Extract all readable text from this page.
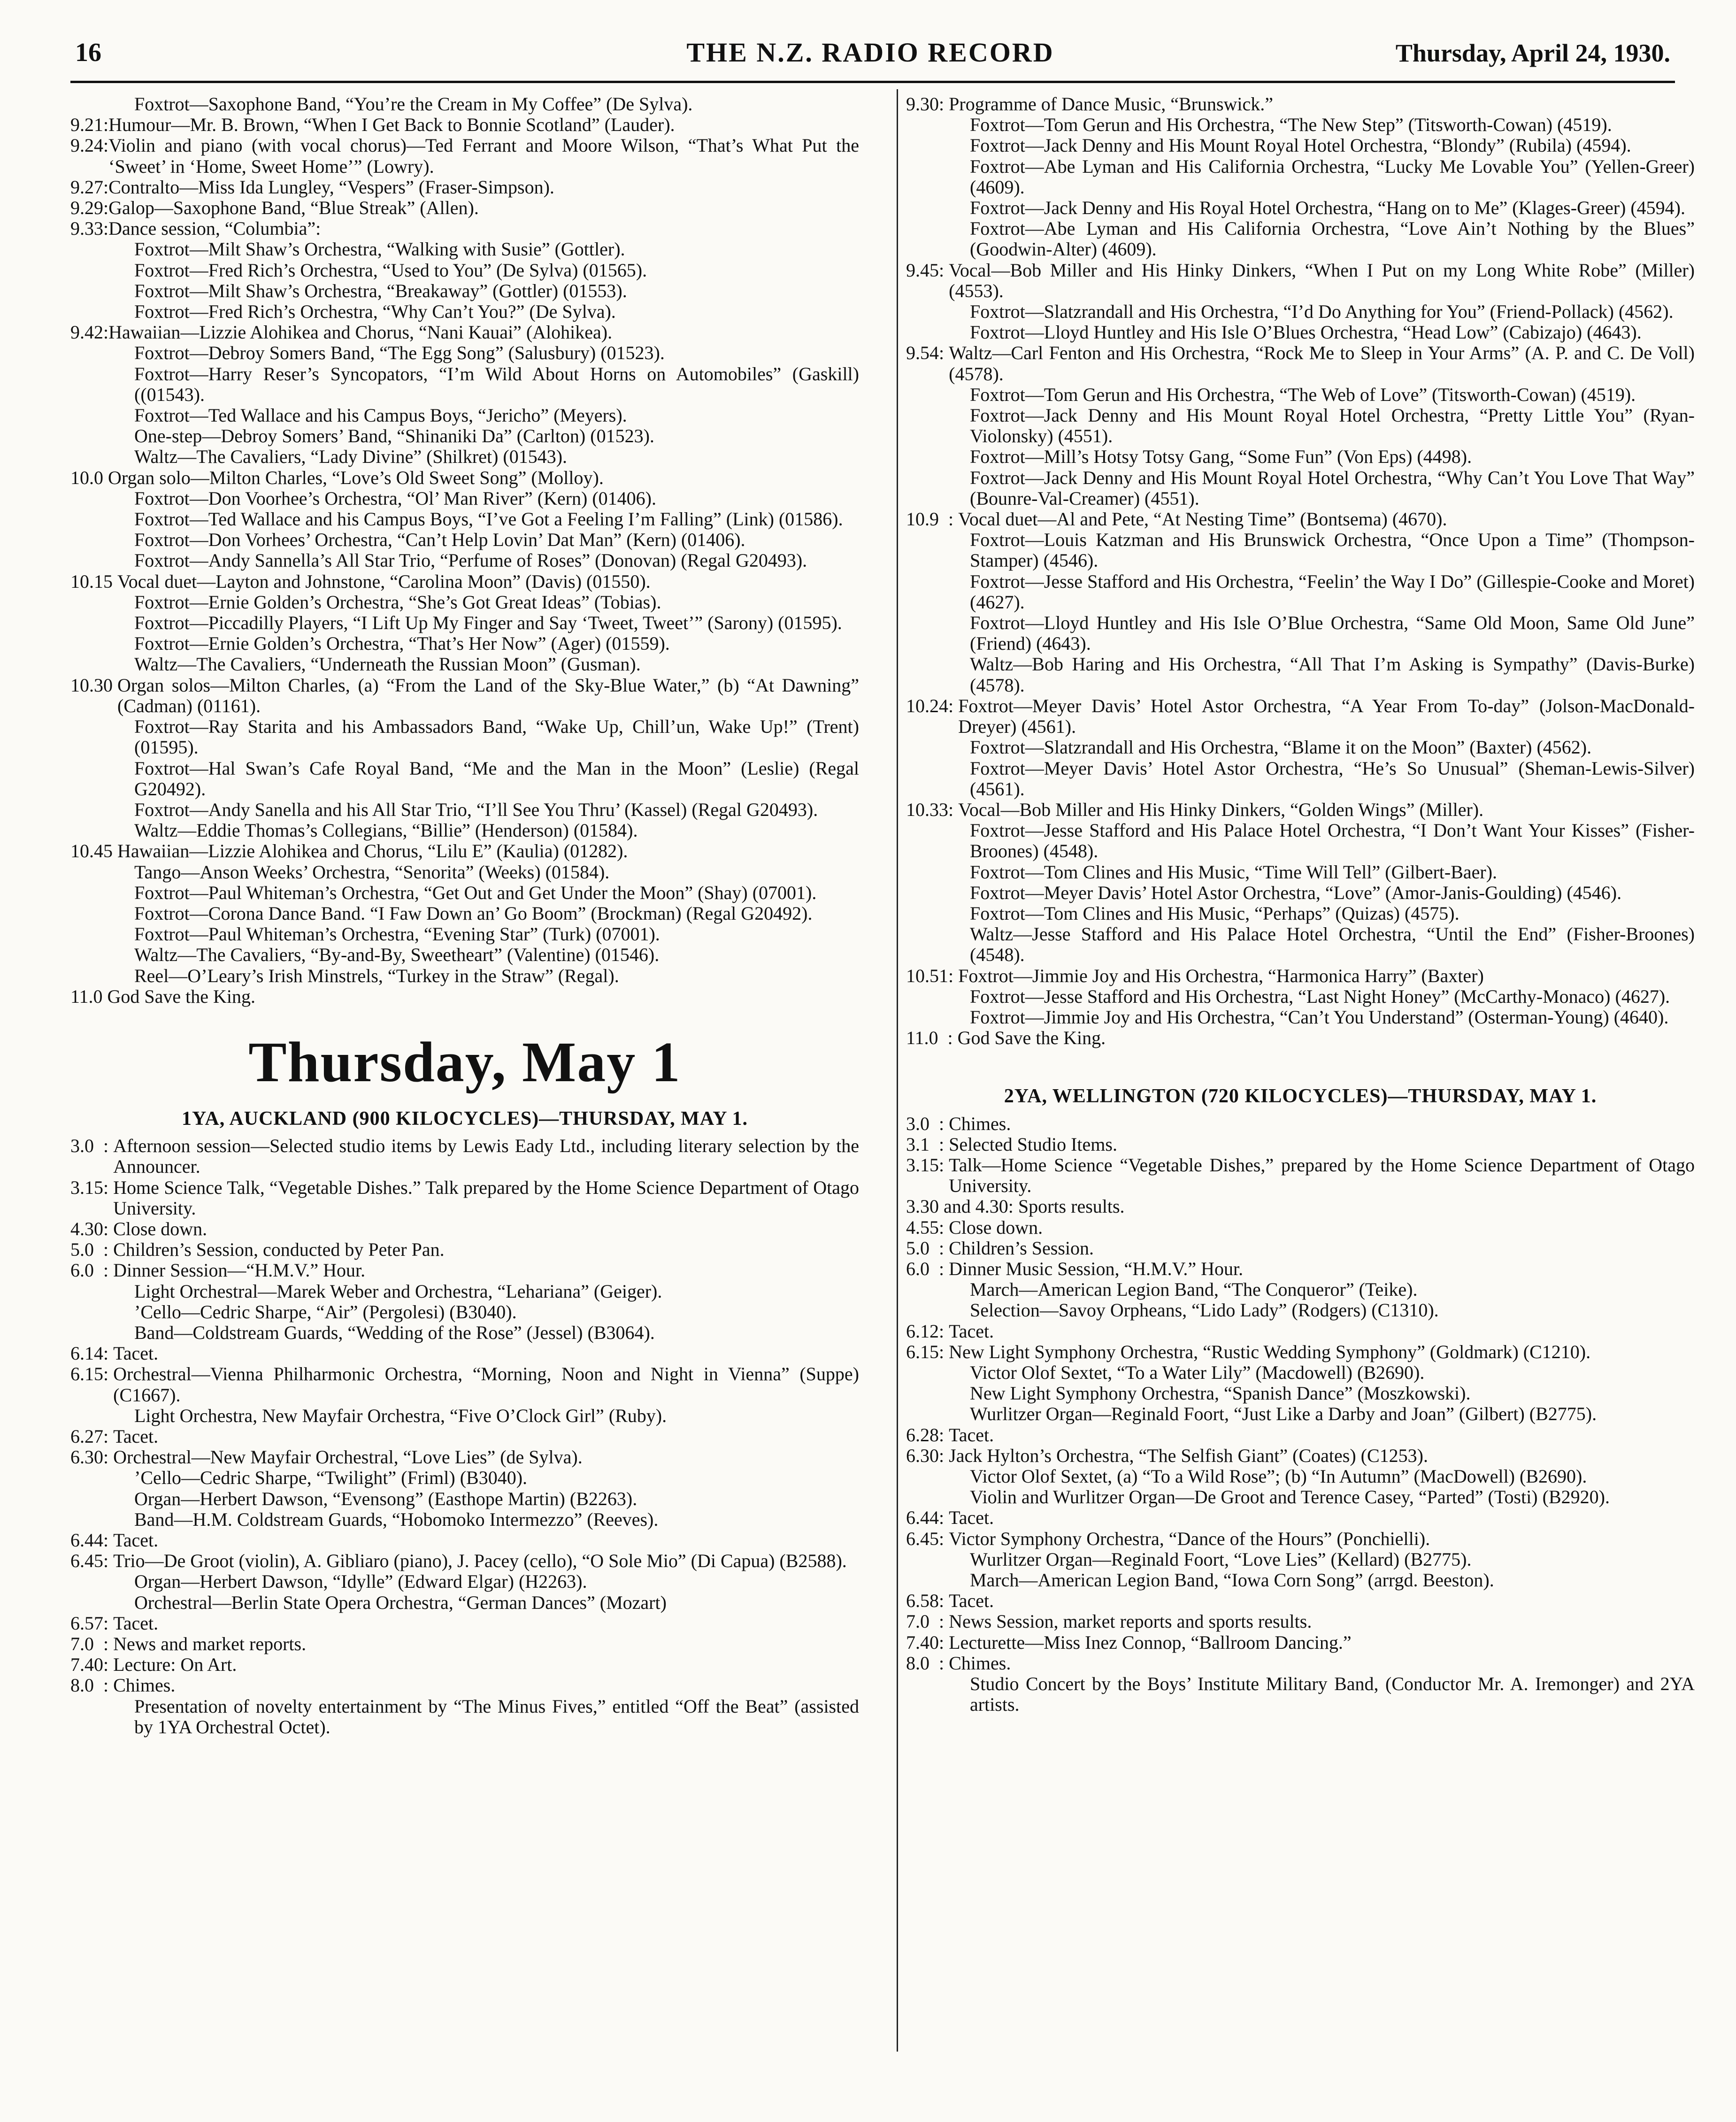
16	THE N.Z. RADIO RECORD	Thursday, April 24, 1930.
Foxtrot—Saxophone Band, “You’re the Cream in My Coffee” (De Sylva).
9.21: Humour—Mr. B. Brown, “When I Get Back to Bonnie Scotland” (Lauder).
9.24: Violin and piano (with vocal chorus)—Ted Ferrant and Moore Wilson, “That’s What Put the ‘Sweet’ in ‘Home, Sweet Home’” (Lowry).
9.27: Contralto—Miss Ida Lungley, “Vespers” (Fraser-Simpson).
9.29: Galop—Saxophone Band, “Blue Streak” (Allen).
9.33: Dance session, “Columbia”:
Foxtrot—Milt Shaw’s Orchestra, “Walking with Susie” (Gottler).
Foxtrot—Fred Rich’s Orchestra, “Used to You” (De Sylva) (01565).
Foxtrot—Milt Shaw’s Orchestra, “Breakaway” (Gottler) (01553).
Foxtrot—Fred Rich’s Orchestra, “Why Can’t You?” (De Sylva).
9.42: Hawaiian—Lizzie Alohikea and Chorus, “Nani Kauai” (Alohikea).
Foxtrot—Debroy Somers Band, “The Egg Song” (Salusbury) (01523).
Foxtrot—Harry Reser’s Syncopators, “I’m Wild About Horns on Automobiles” (Gaskill) ((01543).
Foxtrot—Ted Wallace and his Campus Boys, “Jericho” (Meyers).
One-step—Debroy Somers’ Band, “Shinaniki Da” (Carlton) (01523).
Waltz—The Cavaliers, “Lady Divine” (Shilkret) (01543).
10.0 Organ solo—Milton Charles, “Love’s Old Sweet Song” (Molloy).
Foxtrot—Don Voorhee’s Orchestra, “Ol’ Man River” (Kern) (01406).
Foxtrot—Ted Wallace and his Campus Boys, “I’ve Got a Feeling I’m Falling” (Link) (01586).
Foxtrot—Don Vorhees’ Orchestra, “Can’t Help Lovin’ Dat Man” (Kern) (01406).
Foxtrot—Andy Sannella’s All Star Trio, “Perfume of Roses” (Donovan) (Regal G20493).
10.15 Vocal duet—Layton and Johnstone, “Carolina Moon” (Davis) (01550).
Foxtrot—Ernie Golden’s Orchestra, “She’s Got Great Ideas” (Tobias).
Foxtrot—Piccadilly Players, “I Lift Up My Finger and Say ‘Tweet, Tweet’” (Sarony) (01595).
Foxtrot—Ernie Golden’s Orchestra, “That’s Her Now” (Ager) (01559).
Waltz—The Cavaliers, “Underneath the Russian Moon” (Gusman).
10.30 Organ solos—Milton Charles, (a) “From the Land of the Sky-Blue Water,” (b) “At Dawning” (Cadman) (01161).
Foxtrot—Ray Starita and his Ambassadors Band, “Wake Up, Chill’un, Wake Up!” (Trent) (01595).
Foxtrot—Hal Swan’s Cafe Royal Band, “Me and the Man in the Moon” (Leslie) (Regal G20492).
Foxtrot—Andy Sanella and his All Star Trio, “I’ll See You Thru’ (Kassel) (Regal G20493).
Waltz—Eddie Thomas’s Collegians, “Billie” (Henderson) (01584).
10.45 Hawaiian—Lizzie Alohikea and Chorus, “Lilu E” (Kaulia) (01282).
Tango—Anson Weeks’ Orchestra, “Senorita” (Weeks) (01584).
Foxtrot—Paul Whiteman’s Orchestra, “Get Out and Get Under the Moon” (Shay) (07001).
Foxtrot—Corona Dance Band. “I Faw Down an’ Go Boom” (Brockman) (Regal G20492).
Foxtrot—Paul Whiteman’s Orchestra, “Evening Star” (Turk) (07001).
Waltz—The Cavaliers, “By-and-By, Sweetheart” (Valentine) (01546).
Reel—O’Leary’s Irish Minstrels, “Turkey in the Straw” (Regal).
11.0 God Save the King.
Thursday, May 1
1YA, AUCKLAND (900 KILOCYCLES)—THURSDAY, MAY 1.
3.0  : Afternoon session—Selected studio items by Lewis Eady Ltd., including literary selection by the Announcer.
3.15: Home Science Talk, “Vegetable Dishes.” Talk prepared by the Home Science Department of Otago University.
4.30: Close down.
5.0  : Children’s Session, conducted by Peter Pan.
6.0  : Dinner Session—“H.M.V.” Hour.
Light Orchestral—Marek Weber and Orchestra, “Lehariana” (Geiger).
’Cello—Cedric Sharpe, “Air” (Pergolesi) (B3040).
Band—Coldstream Guards, “Wedding of the Rose” (Jessel) (B3064).
6.14: Tacet.
6.15: Orchestral—Vienna Philharmonic Orchestra, “Morning, Noon and Night in Vienna” (Suppe) (C1667).
Light Orchestra, New Mayfair Orchestra, “Five O’Clock Girl” (Ruby).
6.27: Tacet.
6.30: Orchestral—New Mayfair Orchestral, “Love Lies” (de Sylva).
’Cello—Cedric Sharpe, “Twilight” (Friml) (B3040).
Organ—Herbert Dawson, “Evensong” (Easthope Martin) (B2263).
Band—H.M. Coldstream Guards, “Hobomoko Intermezzo” (Reeves).
6.44: Tacet.
6.45: Trio—De Groot (violin), A. Gibliaro (piano), J. Pacey (cello), “O Sole Mio” (Di Capua) (B2588).
Organ—Herbert Dawson, “Idylle” (Edward Elgar) (H2263).
Orchestral—Berlin State Opera Orchestra, “German Dances” (Mozart)
6.57: Tacet.
7.0  : News and market reports.
7.40: Lecture: On Art.
8.0  : Chimes.
Presentation of novelty entertainment by “The Minus Fives,” entitled “Off the Beat” (assisted by 1YA Orchestral Octet).
9.30: Programme of Dance Music, “Brunswick.”
Foxtrot—Tom Gerun and His Orchestra, “The New Step” (Titsworth-Cowan) (4519).
Foxtrot—Jack Denny and His Mount Royal Hotel Orchestra, “Blondy” (Rubila) (4594).
Foxtrot—Abe Lyman and His California Orchestra, “Lucky Me Lovable You” (Yellen-Greer) (4609).
Foxtrot—Jack Denny and His Royal Hotel Orchestra, “Hang on to Me” (Klages-Greer) (4594).
Foxtrot—Abe Lyman and His California Orchestra, “Love Ain’t Nothing by the Blues” (Goodwin-Alter) (4609).
9.45: Vocal—Bob Miller and His Hinky Dinkers, “When I Put on my Long White Robe” (Miller) (4553).
Foxtrot—Slatzrandall and His Orchestra, “I’d Do Anything for You” (Friend-Pollack) (4562).
Foxtrot—Lloyd Huntley and His Isle O’Blues Orchestra, “Head Low” (Cabizajo) (4643).
9.54: Waltz—Carl Fenton and His Orchestra, “Rock Me to Sleep in Your Arms” (A. P. and C. De Voll) (4578).
Foxtrot—Tom Gerun and His Orchestra, “The Web of Love” (Titsworth-Cowan) (4519).
Foxtrot—Jack Denny and His Mount Royal Hotel Orchestra, “Pretty Little You” (Ryan-Violonsky) (4551).
Foxtrot—Mill’s Hotsy Totsy Gang, “Some Fun” (Von Eps) (4498).
Foxtrot—Jack Denny and His Mount Royal Hotel Orchestra, “Why Can’t You Love That Way” (Bounre-Val-Creamer) (4551).
10.9  : Vocal duet—Al and Pete, “At Nesting Time” (Bontsema) (4670).
Foxtrot—Louis Katzman and His Brunswick Orchestra, “Once Upon a Time” (Thompson-Stamper) (4546).
Foxtrot—Jesse Stafford and His Orchestra, “Feelin’ the Way I Do” (Gillespie-Cooke and Moret) (4627).
Foxtrot—Lloyd Huntley and His Isle O’Blue Orchestra, “Same Old Moon, Same Old June” (Friend) (4643).
Waltz—Bob Haring and His Orchestra, “All That I’m Asking is Sympathy” (Davis-Burke) (4578).
10.24: Foxtrot—Meyer Davis’ Hotel Astor Orchestra, “A Year From To-day” (Jolson-MacDonald-Dreyer) (4561).
Foxtrot—Slatzrandall and His Orchestra, “Blame it on the Moon” (Baxter) (4562).
Foxtrot—Meyer Davis’ Hotel Astor Orchestra, “He’s So Unusual” (Sheman-Lewis-Silver) (4561).
10.33: Vocal—Bob Miller and His Hinky Dinkers, “Golden Wings” (Miller).
Foxtrot—Jesse Stafford and His Palace Hotel Orchestra, “I Don’t Want Your Kisses” (Fisher-Broones) (4548).
Foxtrot—Tom Clines and His Music, “Time Will Tell” (Gilbert-Baer).
Foxtrot—Meyer Davis’ Hotel Astor Orchestra, “Love” (Amor-Janis-Goulding) (4546).
Foxtrot—Tom Clines and His Music, “Perhaps” (Quizas) (4575).
Waltz—Jesse Stafford and His Palace Hotel Orchestra, “Until the End” (Fisher-Broones) (4548).
10.51: Foxtrot—Jimmie Joy and His Orchestra, “Harmonica Harry” (Baxter)
Foxtrot—Jesse Stafford and His Orchestra, “Last Night Honey” (McCarthy-Monaco) (4627).
Foxtrot—Jimmie Joy and His Orchestra, “Can’t You Understand” (Osterman-Young) (4640).
11.0  : God Save the King.
2YA, WELLINGTON (720 KILOCYCLES)—THURSDAY, MAY 1.
3.0  : Chimes.
3.1  : Selected Studio Items.
3.15: Talk—Home Science “Vegetable Dishes,” prepared by the Home Science Department of Otago University.
3.30 and 4.30: Sports results.
4.55: Close down.
5.0  : Children’s Session.
6.0  : Dinner Music Session, “H.M.V.” Hour.
March—American Legion Band, “The Conqueror” (Teike).
Selection—Savoy Orpheans, “Lido Lady” (Rodgers) (C1310).
6.12: Tacet.
6.15: New Light Symphony Orchestra, “Rustic Wedding Symphony” (Goldmark) (C1210).
Victor Olof Sextet, “To a Water Lily” (Macdowell) (B2690).
New Light Symphony Orchestra, “Spanish Dance” (Moszkowski).
Wurlitzer Organ—Reginald Foort, “Just Like a Darby and Joan” (Gilbert) (B2775).
6.28: Tacet.
6.30: Jack Hylton’s Orchestra, “The Selfish Giant” (Coates) (C1253).
Victor Olof Sextet, (a) “To a Wild Rose”; (b) “In Autumn” (MacDowell) (B2690).
Violin and Wurlitzer Organ—De Groot and Terence Casey, “Parted” (Tosti) (B2920).
6.44: Tacet.
6.45: Victor Symphony Orchestra, “Dance of the Hours” (Ponchielli).
Wurlitzer Organ—Reginald Foort, “Love Lies” (Kellard) (B2775).
March—American Legion Band, “Iowa Corn Song” (arrgd. Beeston).
6.58: Tacet.
7.0  : News Session, market reports and sports results.
7.40: Lecturette—Miss Inez Connop, “Ballroom Dancing.”
8.0  : Chimes.
Studio Concert by the Boys’ Institute Military Band, (Conductor Mr. A. Iremonger) and 2YA artists.
